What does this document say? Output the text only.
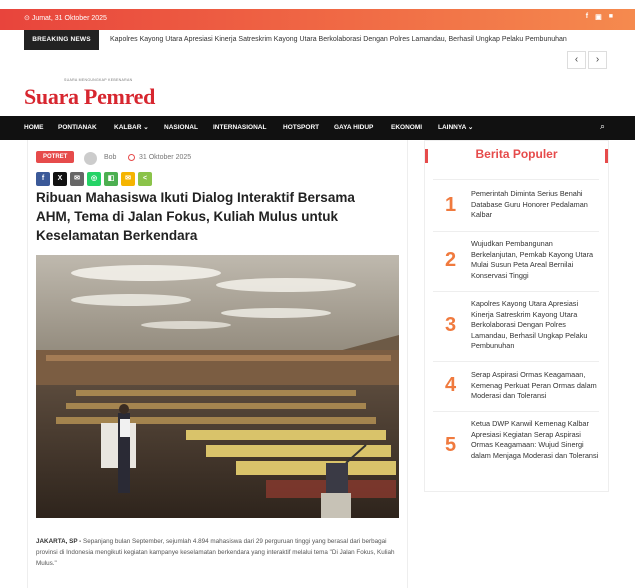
⊙ Jumat, 31 Oktober 2025	f ▣ ■
BREAKING NEWS	Kapolres Kayong Utara Apresiasi Kinerja Satreskrim Kayong Utara Berkolaborasi Dengan Polres Lamandau, Berhasil Ungkap Pelaku Pembunuhan
‹	›
SUARA MENGUNGKAP KEBENARAN
Suara Pemred
HOME PONTIANAK	KALBAR ⌄ NASIONAL INTERNASIONAL	HOTSPORT GAYA HIDUP	EKONOMI LAINNYA ⌄	⌕
POTRET	Bob	31 Oktober 2025
f	X	✉	◎	◧	✉	<
Ribuan Mahasiswa Ikuti Dialog Interaktif Bersama AHM, Tema di Jalan Fokus, Kuliah Mulus untuk Keselamatan Berkendara

JAKARTA, SP - Sepanjang bulan September, sejumlah 4.894 mahasiswa dari 29 perguruan tinggi yang berasal dari berbagai provinsi di Indonesia mengikuti kegiatan kampanye keselamatan berkendara yang interaktif melalui tema "Di Jalan Fokus, Kuliah Mulus."

Berita Populer
1
Pemerintah Diminta Serius Benahi Database Guru Honorer Pedalaman Kalbar
2
Wujudkan Pembangunan Berkelanjutan, Pemkab Kayong Utara Mulai Susun Peta Areal Bernilai Konservasi Tinggi
3
Kapolres Kayong Utara Apresiasi Kinerja Satreskrim Kayong Utara Berkolaborasi Dengan Polres Lamandau, Berhasil Ungkap Pelaku Pembunuhan
4 Serap Aspirasi Ormas Keagamaan, Kemenag Perkuat Peran Ormas dalam Moderasi dan Toleransi
5
Ketua DWP Kanwil Kemenag Kalbar Apresiasi Kegiatan Serap Aspirasi Ormas Keagamaan: Wujud Sinergi dalam Menjaga Moderasi dan Toleransi
